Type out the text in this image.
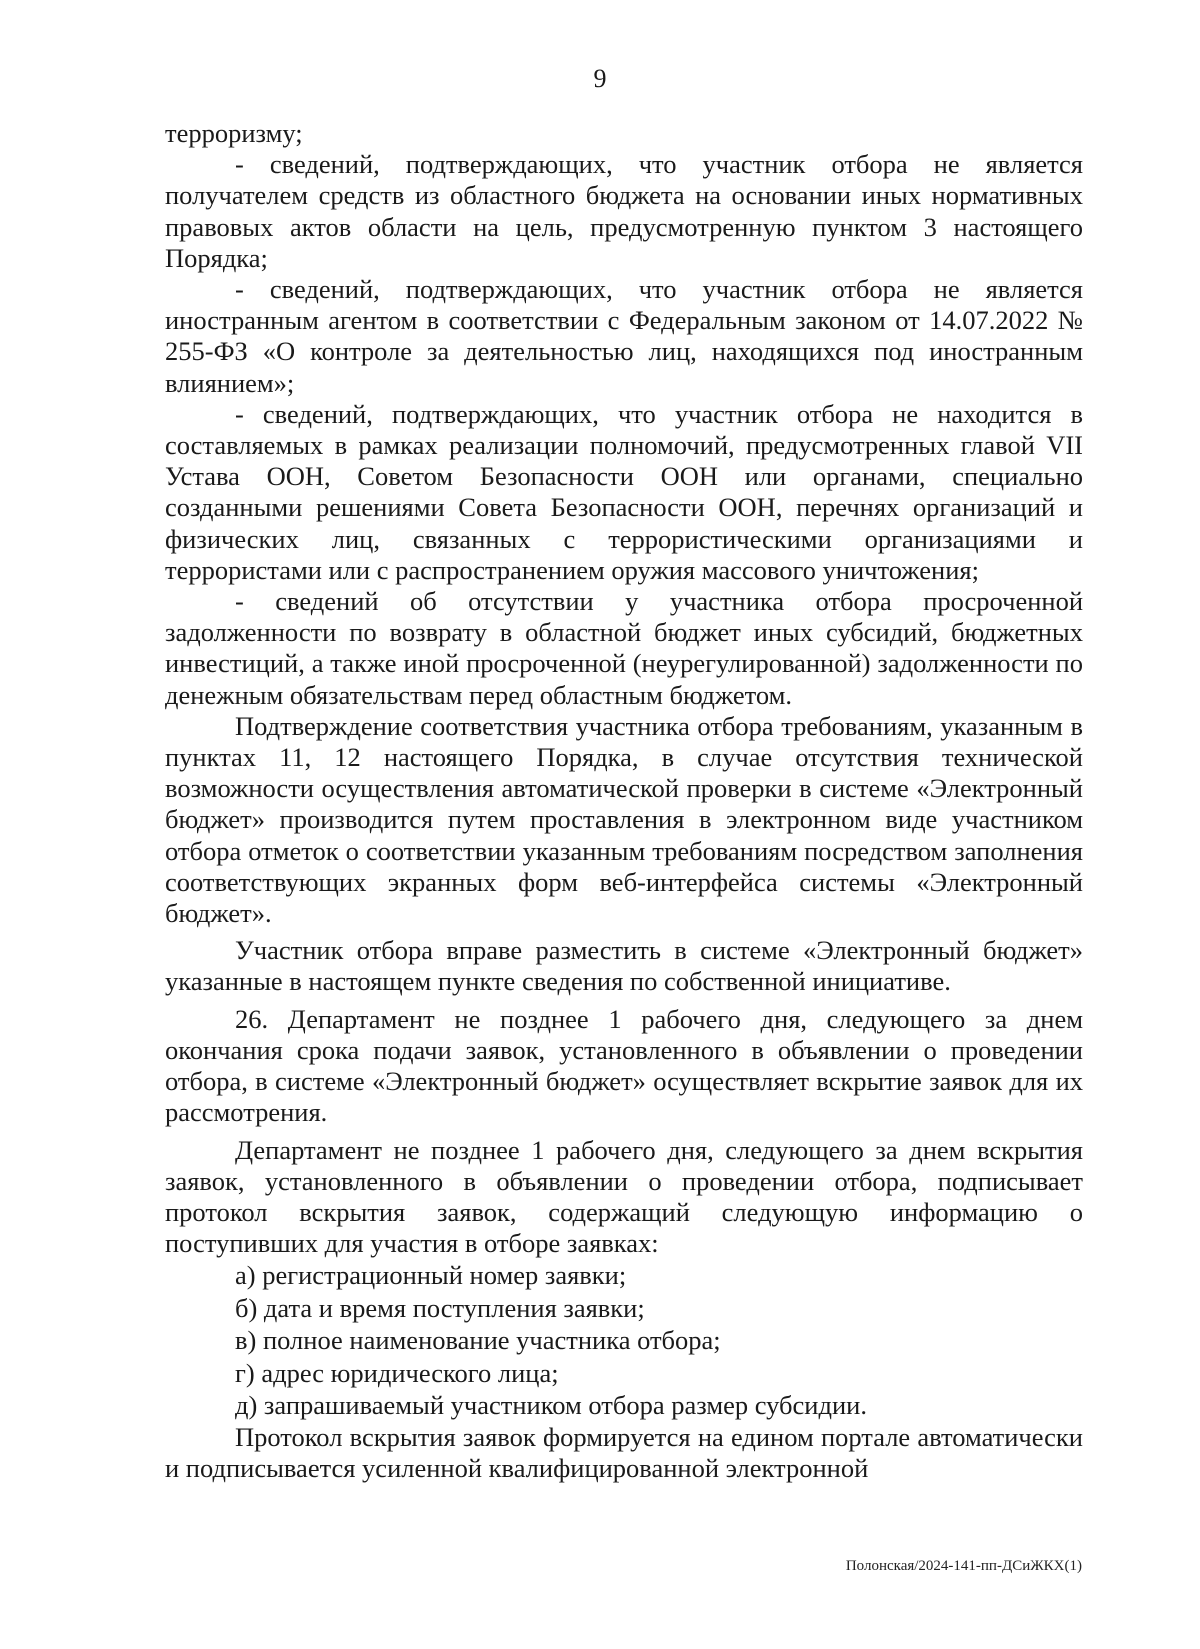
9

терроризму;

- сведений, подтверждающих, что участник отбора не является получателем средств из областного бюджета на основании иных нормативных правовых актов области на цель, предусмотренную пунктом 3 настоящего Порядка;

- сведений, подтверждающих, что участник отбора не является иностранным агентом в соответствии с Федеральным законом от 14.07.2022 № 255-ФЗ «О контроле за деятельностью лиц, находящихся под иностранным влиянием»;

- сведений, подтверждающих, что участник отбора не находится в составляемых в рамках реализации полномочий, предусмотренных главой VII Устава ООН, Советом Безопасности ООН или органами, специально созданными решениями Совета Безопасности ООН, перечнях организаций и физических лиц, связанных с террористическими организациями и террористами или с распространением оружия массового уничтожения;

- сведений об отсутствии у участника отбора просроченной задолженности по возврату в областной бюджет иных субсидий, бюджетных инвестиций, а также иной просроченной (неурегулированной) задолженности по денежным обязательствам перед областным бюджетом.

Подтверждение соответствия участника отбора требованиям, указанным в пунктах 11, 12 настоящего Порядка, в случае отсутствия технической возможности осуществления автоматической проверки в системе «Электронный бюджет» производится путем проставления в электронном виде участником отбора отметок о соответствии указанным требованиям посредством заполнения соответствующих экранных форм веб-интерфейса системы «Электронный бюджет».

Участник отбора вправе разместить в системе «Электронный бюджет» указанные в настоящем пункте сведения по собственной инициативе.

26. Департамент не позднее 1 рабочего дня, следующего за днем окончания срока подачи заявок, установленного в объявлении о проведении отбора, в системе «Электронный бюджет» осуществляет вскрытие заявок для их рассмотрения.

Департамент не позднее 1 рабочего дня, следующего за днем вскрытия заявок, установленного в объявлении о проведении отбора, подписывает протокол вскрытия заявок, содержащий следующую информацию о поступивших для участия в отборе заявках:

а) регистрационный номер заявки;
б) дата и время поступления заявки;
в) полное наименование участника отбора;
г) адрес юридического лица;
д) запрашиваемый участником отбора размер субсидии.

Протокол вскрытия заявок формируется на едином портале автоматически и подписывается усиленной квалифицированной электронной

Полонская/2024-141-пп-ДСиЖКХ(1)
